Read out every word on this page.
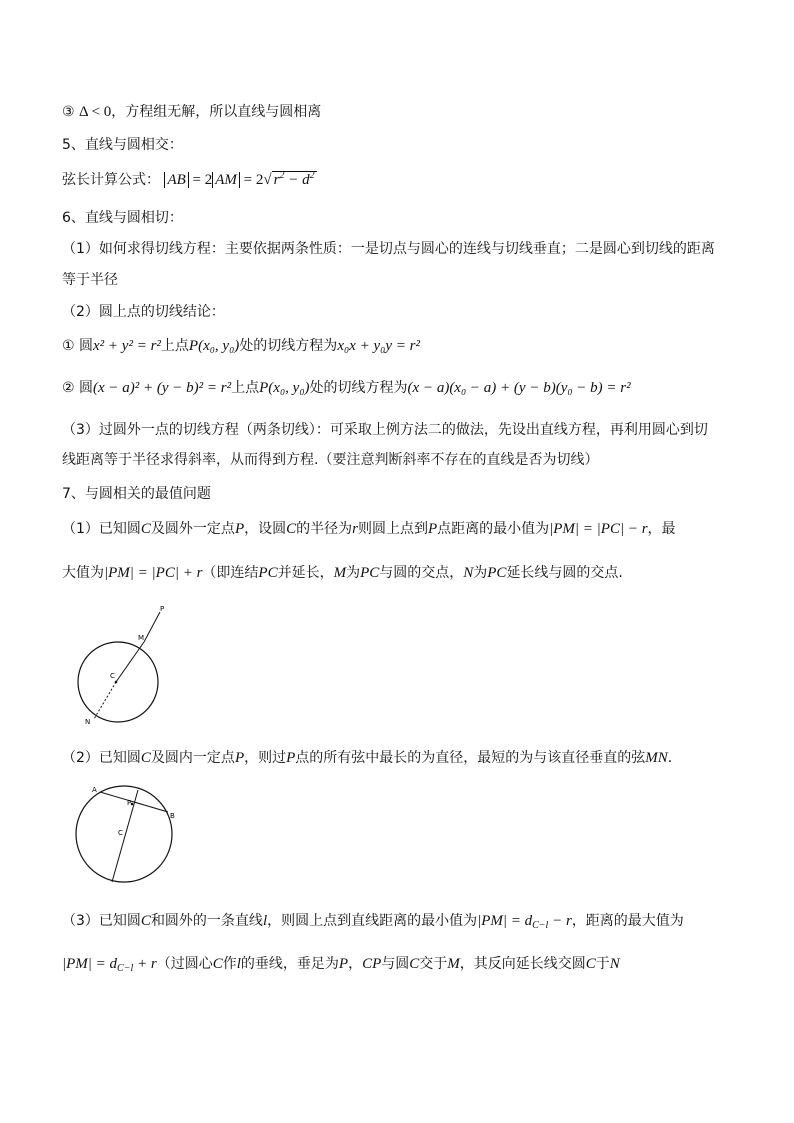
③ Δ < 0，方程组无解，所以直线与圆相离
5、直线与圆相交：
弦长计算公式： AB = 2 AM = 2√ $r^2 - d^2$
6、直线与圆相切：
（1）如何求得切线方程：主要依据两条性质：一是切点与圆心的连线与切线垂直；二是圆心到切线的距离
等于半径
（2）圆上点的切线结论：
① 圆x² + y² = r²上点P(x₀, y₀)处的切线方程为x₀x + y₀y = r²
② 圆(x − a)² + (y − b)² = r²上点P(x₀, y₀)处的切线方程为(x − a)(x₀ − a) + (y − b)(y₀ − b) = r²
（3）过圆外一点的切线方程（两条切线）：可采取上例方法二的做法，先设出直线方程，再利用圆心到切
线距离等于半径求得斜率，从而得到方程.（要注意判断斜率不存在的直线是否为切线）
7、与圆相关的最值问题
（1）已知圆C及圆外一定点P，设圆C的半径为r则圆上点到P点距离的最小值为|PM| = |PC| − r，最
大值为|PM| = |PC| + r（即连结PC并延长，M为PC与圆的交点，N为PC延长线与圆的交点.
P
M
C
N
（2）已知圆C及圆内一定点P，则过P点的所有弦中最长的为直径，最短的为与该直径垂直的弦MN.
A
P
B
C
（3）已知圆C和圆外的一条直线l，则圆上点到直线距离的最小值为$|PM| = d_{C-l} - r$，距离的最大值为
$|PM| = d_{C-l} + r$（过圆心C作l的垂线，垂足为P，CP与圆C交于M，其反向延长线交圆C于N
